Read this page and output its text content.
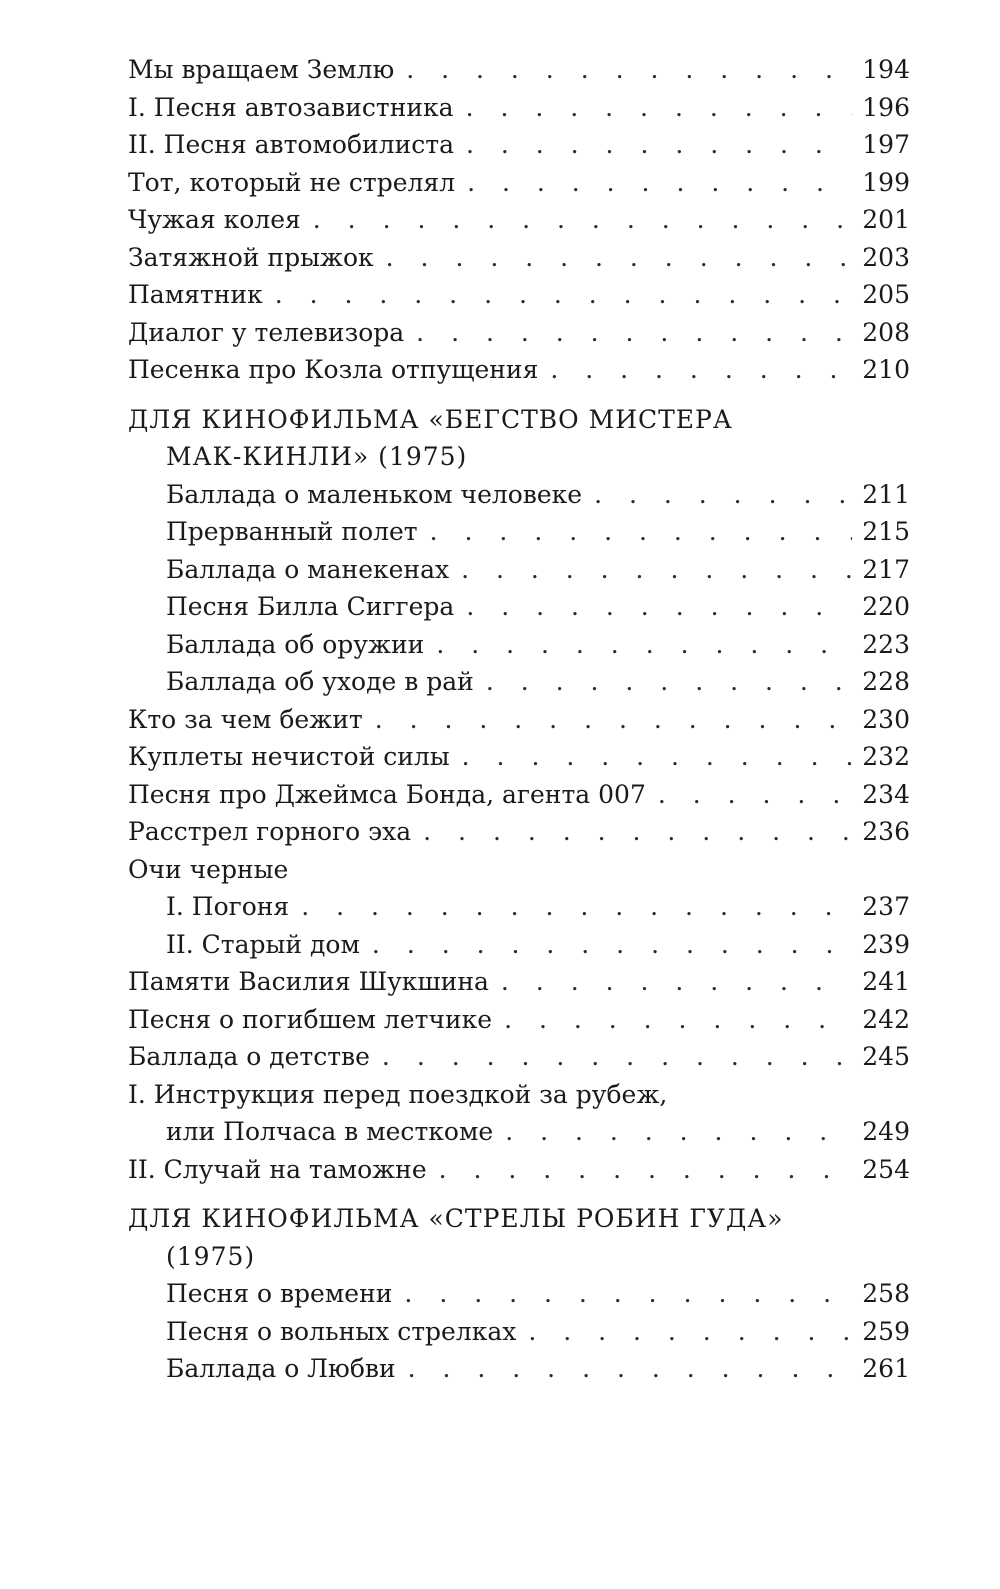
Мы вращаем Землю . . .	194
I. Песня автозавистника . . .	196
II. Песня автомобилиста . . .	197
Тот, который не стрелял . . .	199
Чужая колея . . .	201
Затяжной прыжок . . .	203
Памятник . . .	205
Диалог у телевизора . . .	208
Песенка про Козла отпущения . . .	210
ДЛЯ КИНОФИЛЬМА «БЕГСТВО МИСТЕРА
МАК-КИНЛИ» (1975)
Баллада о маленьком человеке . . .	211
Прерванный полет . . .	215
Баллада о манекенах . . .	217
Песня Билла Сиггера . . .	220
Баллада об оружии . . .	223
Баллада об уходе в рай . . .	228
Кто за чем бежит . . .	230
Куплеты нечистой силы . . .	232
Песня про Джеймса Бонда, агента 007 . . .	234
Расстрел горного эха . . .	236
Очи черные
I. Погоня . . .	237
II. Старый дом . . .	239
Памяти Василия Шукшина . . .	241
Песня о погибшем летчике . . .	242
Баллада о детстве . . .	245
I. Инструкция перед поездкой за рубеж,
или Полчаса в месткоме . . .	249
II. Случай на таможне . . .	254
ДЛЯ КИНОФИЛЬМА «СТРЕЛЫ РОБИН ГУДА»
(1975)
Песня о времени . . .	258
Песня о вольных стрелках . . .	259
Баллада о Любви . . .	261
